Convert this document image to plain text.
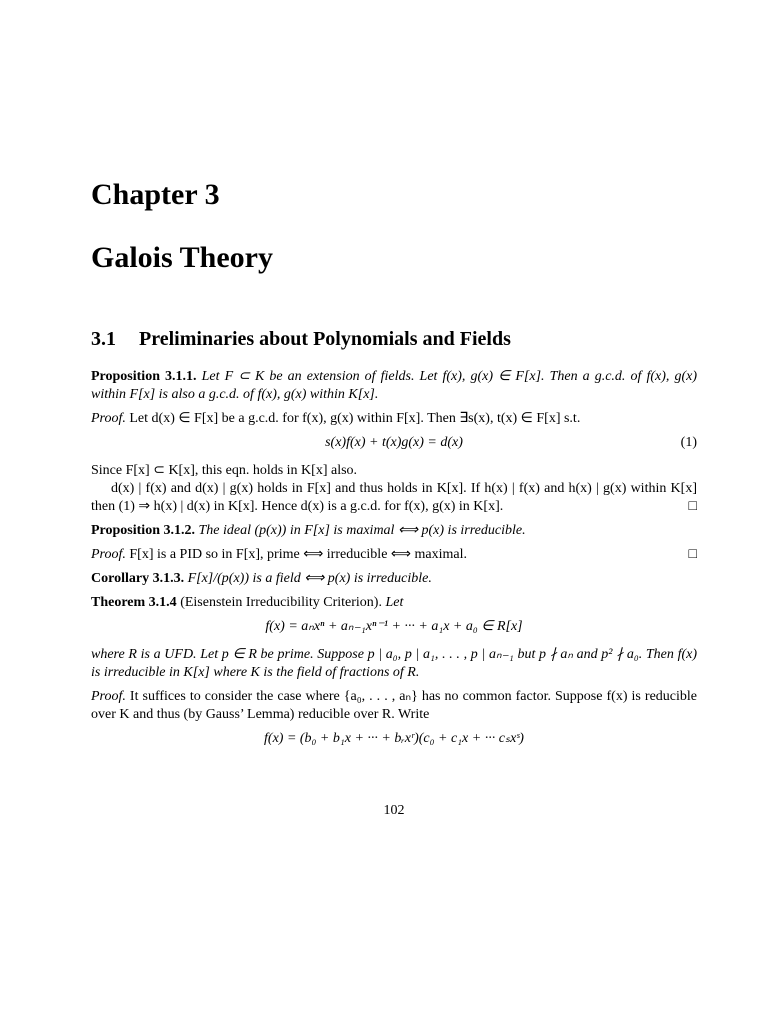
Chapter 3
Galois Theory
3.1 Preliminaries about Polynomials and Fields

Proposition 3.1.1. Let F ⊂ K be an extension of fields. Let f(x), g(x) ∈ F[x]. Then a g.c.d. of f(x), g(x) within F[x] is also a g.c.d. of f(x), g(x) within K[x].

Proof. Let d(x) ∈ F[x] be a g.c.d. for f(x), g(x) within F[x]. Then ∃s(x), t(x) ∈ F[x] s.t.

s(x)f(x) + t(x)g(x) = d(x)	(1)

Since F[x] ⊂ K[x], this eqn. holds in K[x] also.

d(x) | f(x) and d(x) | g(x) holds in F[x] and thus holds in K[x]. If h(x) | f(x) and h(x) | g(x) within K[x] then (1) ⇒ h(x) | d(x) in K[x]. Hence d(x) is a g.c.d. for f(x), g(x) in K[x].	□

Proposition 3.1.2. The ideal (p(x)) in F[x] is maximal ⟺ p(x) is irreducible.

Proof. F[x] is a PID so in F[x], prime ⟺ irreducible ⟺ maximal.	□

Corollary 3.1.3. F[x]/(p(x)) is a field ⟺ p(x) is irreducible.

Theorem 3.1.4 (Eisenstein Irreducibility Criterion). Let

f(x) = aₙxⁿ + aₙ₋₁xⁿ⁻¹ + ··· + a₁x + a₀ ∈ R[x]

where R is a UFD. Let p ∈ R be prime. Suppose p | a₀, p | a₁, . . . , p | aₙ₋₁ but p ∤ aₙ and p² ∤ a₀. Then f(x) is irreducible in K[x] where K is the field of fractions of R.

Proof. It suffices to consider the case where {a₀, . . . , aₙ} has no common factor. Suppose f(x) is reducible over K and thus (by Gauss’ Lemma) reducible over R. Write

f(x) = (b₀ + b₁x + ··· + bᵣxʳ)(c₀ + c₁x + ··· cₛxˢ)
102
